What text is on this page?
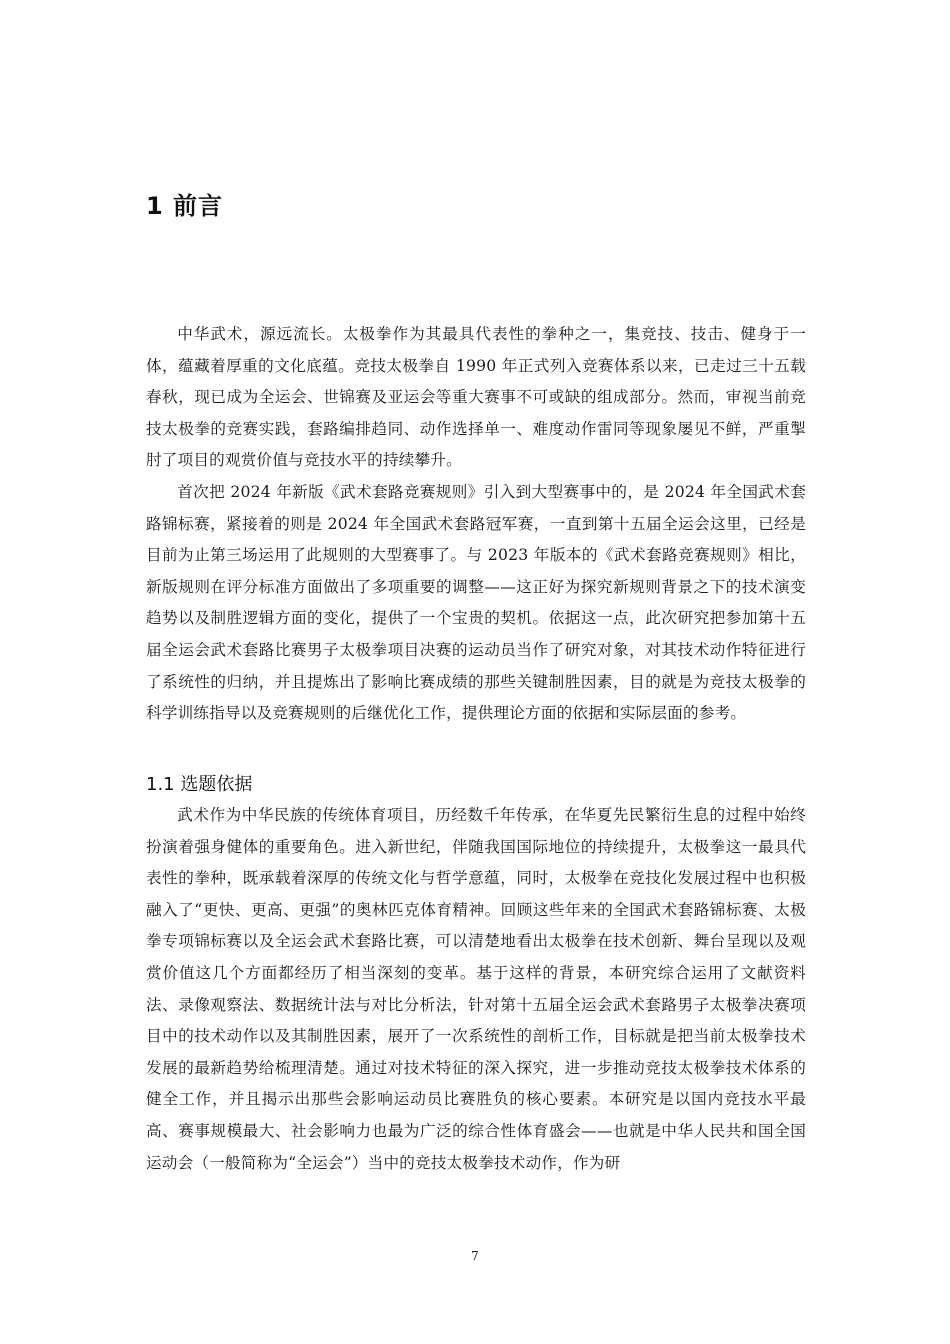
1 前言

中华武术，源远流长。太极拳作为其最具代表性的拳种之一，集竞技、技击、健身于一体，蕴藏着厚重的文化底蕴。竞技太极拳自 1990 年正式列入竞赛体系以来，已走过三十五载春秋，现已成为全运会、世锦赛及亚运会等重大赛事不可或缺的组成部分。然而，审视当前竞技太极拳的竞赛实践，套路编排趋同、动作选择单一、难度动作雷同等现象屡见不鲜，严重掣肘了项目的观赏价值与竞技水平的持续攀升。

首次把 2024 年新版《武术套路竞赛规则》引入到大型赛事中的，是 2024 年全国武术套路锦标赛，紧接着的则是 2024 年全国武术套路冠军赛，一直到第十五届全运会这里，已经是目前为止第三场运用了此规则的大型赛事了。与 2023 年版本的《武术套路竞赛规则》相比，新版规则在评分标准方面做出了多项重要的调整——这正好为探究新规则背景之下的技术演变趋势以及制胜逻辑方面的变化，提供了一个宝贵的契机。依据这一点，此次研究把参加第十五届全运会武术套路比赛男子太极拳项目决赛的运动员当作了研究对象，对其技术动作特征进行了系统性的归纳，并且提炼出了影响比赛成绩的那些关键制胜因素，目的就是为竞技太极拳的科学训练指导以及竞赛规则的后继优化工作，提供理论方面的依据和实际层面的参考。

1.1 选题依据

武术作为中华民族的传统体育项目，历经数千年传承，在华夏先民繁衍生息的过程中始终扮演着强身健体的重要角色。进入新世纪，伴随我国国际地位的持续提升，太极拳这一最具代表性的拳种，既承载着深厚的传统文化与哲学意蕴，同时，太极拳在竞技化发展过程中也积极融入了“更快、更高、更强”的奥林匹克体育精神。回顾这些年来的全国武术套路锦标赛、太极拳专项锦标赛以及全运会武术套路比赛，可以清楚地看出太极拳在技术创新、舞台呈现以及观赏价值这几个方面都经历了相当深刻的变革。基于这样的背景，本研究综合运用了文献资料法、录像观察法、数据统计法与对比分析法，针对第十五届全运会武术套路男子太极拳决赛项目中的技术动作以及其制胜因素，展开了一次系统性的剖析工作，目标就是把当前太极拳技术发展的最新趋势给梳理清楚。通过对技术特征的深入探究，进一步推动竞技太极拳技术体系的健全工作，并且揭示出那些会影响运动员比赛胜负的核心要素。本研究是以国内竞技水平最高、赛事规模最大、社会影响力也最为广泛的综合性体育盛会——也就是中华人民共和国全国运动会（一般简称为“全运会”）当中的竞技太极拳技术动作，作为研

7
